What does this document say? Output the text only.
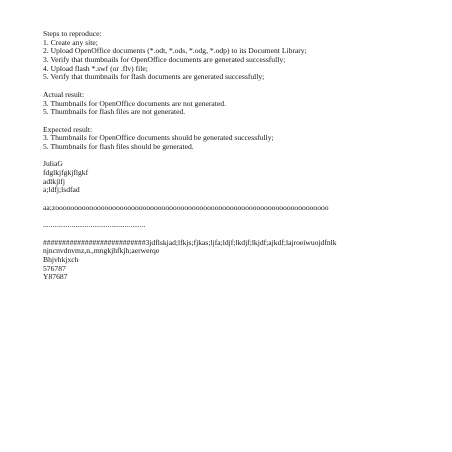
Steps to reproduce:
1. Create any site;
2. Upload OpenOffice documents (*.odt, *.ods, *.odg, *.odp) to its Document Library;
3. Verify that thumbnails for OpenOffice documents are generated successfully;
4. Upload flash *.swf (or .flv) file;
5. Verify that thumbnails for flash documents are generated successfully;
Actual result:
3. Thumbnails for OpenOffice documents are not generated.
5. Thumbnails for flash files are not generated.
Expected result:
3. Thumbnails for OpenOffice documents should be generated successfully;
5. Thumbnails for flash files should be generated.
JuliaG
fdglkjfgkjflgkf
adlkjlfj
a;ldfj;lsdfad
aa;zoooooooooooooooooooooooooooooooooooooooooooooooooooooooooooooooooooooooo
......................................................
###########################3jdflskjad;lfkjs;fjkas;ljfa;ldjf;lkdjf;lkjdf;ajkdf;lajroeiwuojdfnlk
njncnvdnvmz,n.,mngkjhfkjh;aerwerqe
Bhjvhkjxch
576787
Y87687
